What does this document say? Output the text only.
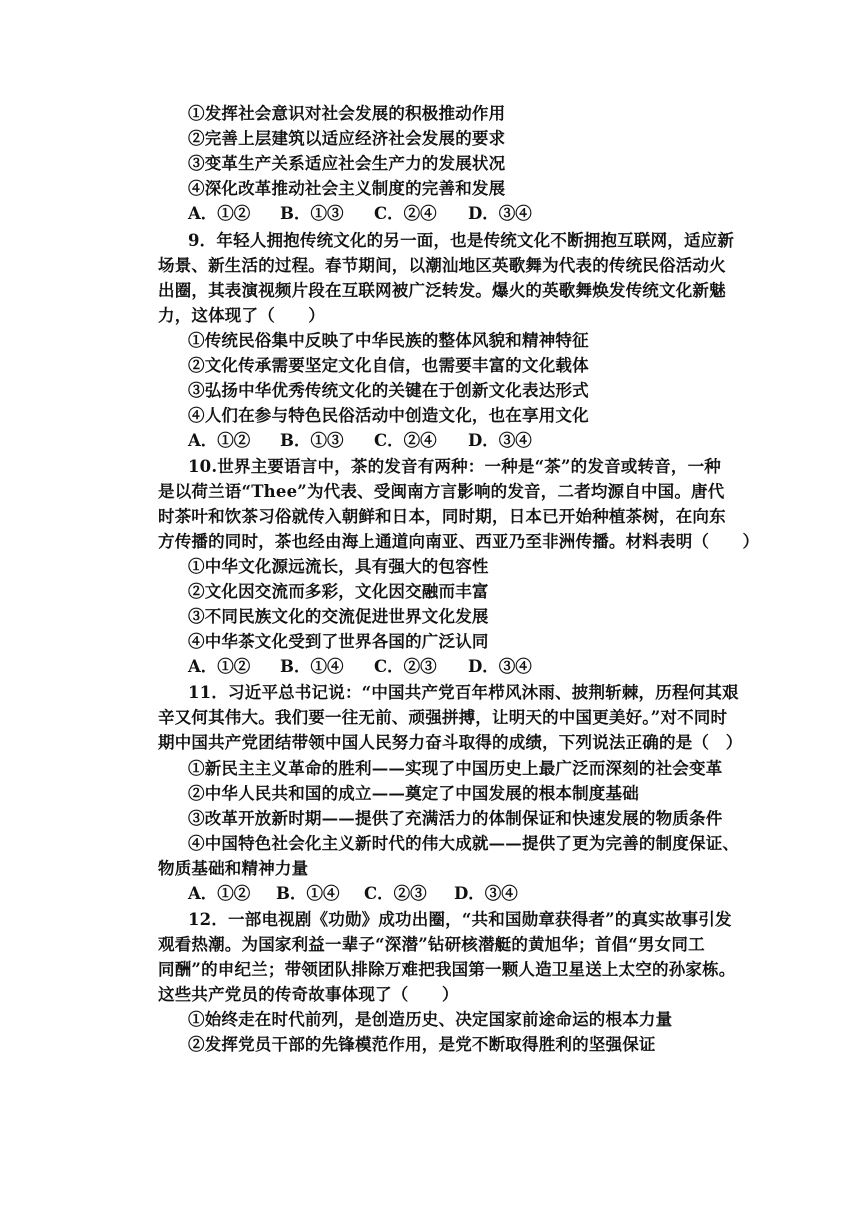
①发挥社会意识对社会发展的积极推动作用
②完善上层建筑以适应经济社会发展的要求
③变革生产关系适应社会生产力的发展状况
④深化改革推动社会主义制度的完善和发展
A．①② B．①③ C．②④ D．③④
9．年轻人拥抱传统文化的另一面，也是传统文化不断拥抱互联网，适应新
场景、新生活的过程。春节期间，以潮汕地区英歌舞为代表的传统民俗活动火
出圈，其表演视频片段在互联网被广泛转发。爆火的英歌舞焕发传统文化新魅
力，这体现了（　　）
①传统民俗集中反映了中华民族的整体风貌和精神特征
②文化传承需要坚定文化自信，也需要丰富的文化载体
③弘扬中华优秀传统文化的关键在于创新文化表达形式
④人们在参与特色民俗活动中创造文化，也在享用文化
A．①② B．①③ C．②④ D．③④
10.世界主要语言中，茶的发音有两种：一种是“茶”的发音或转音，一种
是以荷兰语“Thee”为代表、受闽南方言影响的发音，二者均源自中国。唐代
时茶叶和饮茶习俗就传入朝鲜和日本，同时期，日本已开始种植茶树，在向东
方传播的同时，茶也经由海上通道向南亚、西亚乃至非洲传播。材料表明（　　）
①中华文化源远流长，具有强大的包容性
②文化因交流而多彩，文化因交融而丰富
③不同民族文化的交流促进世界文化发展
④中华茶文化受到了世界各国的广泛认同
A．①② B．①④ C．②③ D．③④
11．习近平总书记说：“中国共产党百年栉风沐雨、披荆斩棘，历程何其艰
辛又何其伟大。我们要一往无前、顽强拼搏，让明天的中国更美好。”对不同时
期中国共产党团结带领中国人民努力奋斗取得的成绩，下列说法正确的是（　）
①新民主主义革命的胜利——实现了中国历史上最广泛而深刻的社会变革
②中华人民共和国的成立——奠定了中国发展的根本制度基础
③改革开放新时期——提供了充满活力的体制保证和快速发展的物质条件
④中国特色社会化主义新时代的伟大成就——提供了更为完善的制度保证、
物质基础和精神力量
A．①② B．①④ C．②③ D．③④
12．一部电视剧《功勋》成功出圈，“共和国勋章获得者”的真实故事引发
观看热潮。为国家利益一辈子“深潜”钻研核潜艇的黄旭华；首倡“男女同工
同酬”的申纪兰；带领团队排除万难把我国第一颗人造卫星送上太空的孙家栋。
这些共产党员的传奇故事体现了（　　）
①始终走在时代前列，是创造历史、决定国家前途命运的根本力量
②发挥党员干部的先锋模范作用，是党不断取得胜利的坚强保证
